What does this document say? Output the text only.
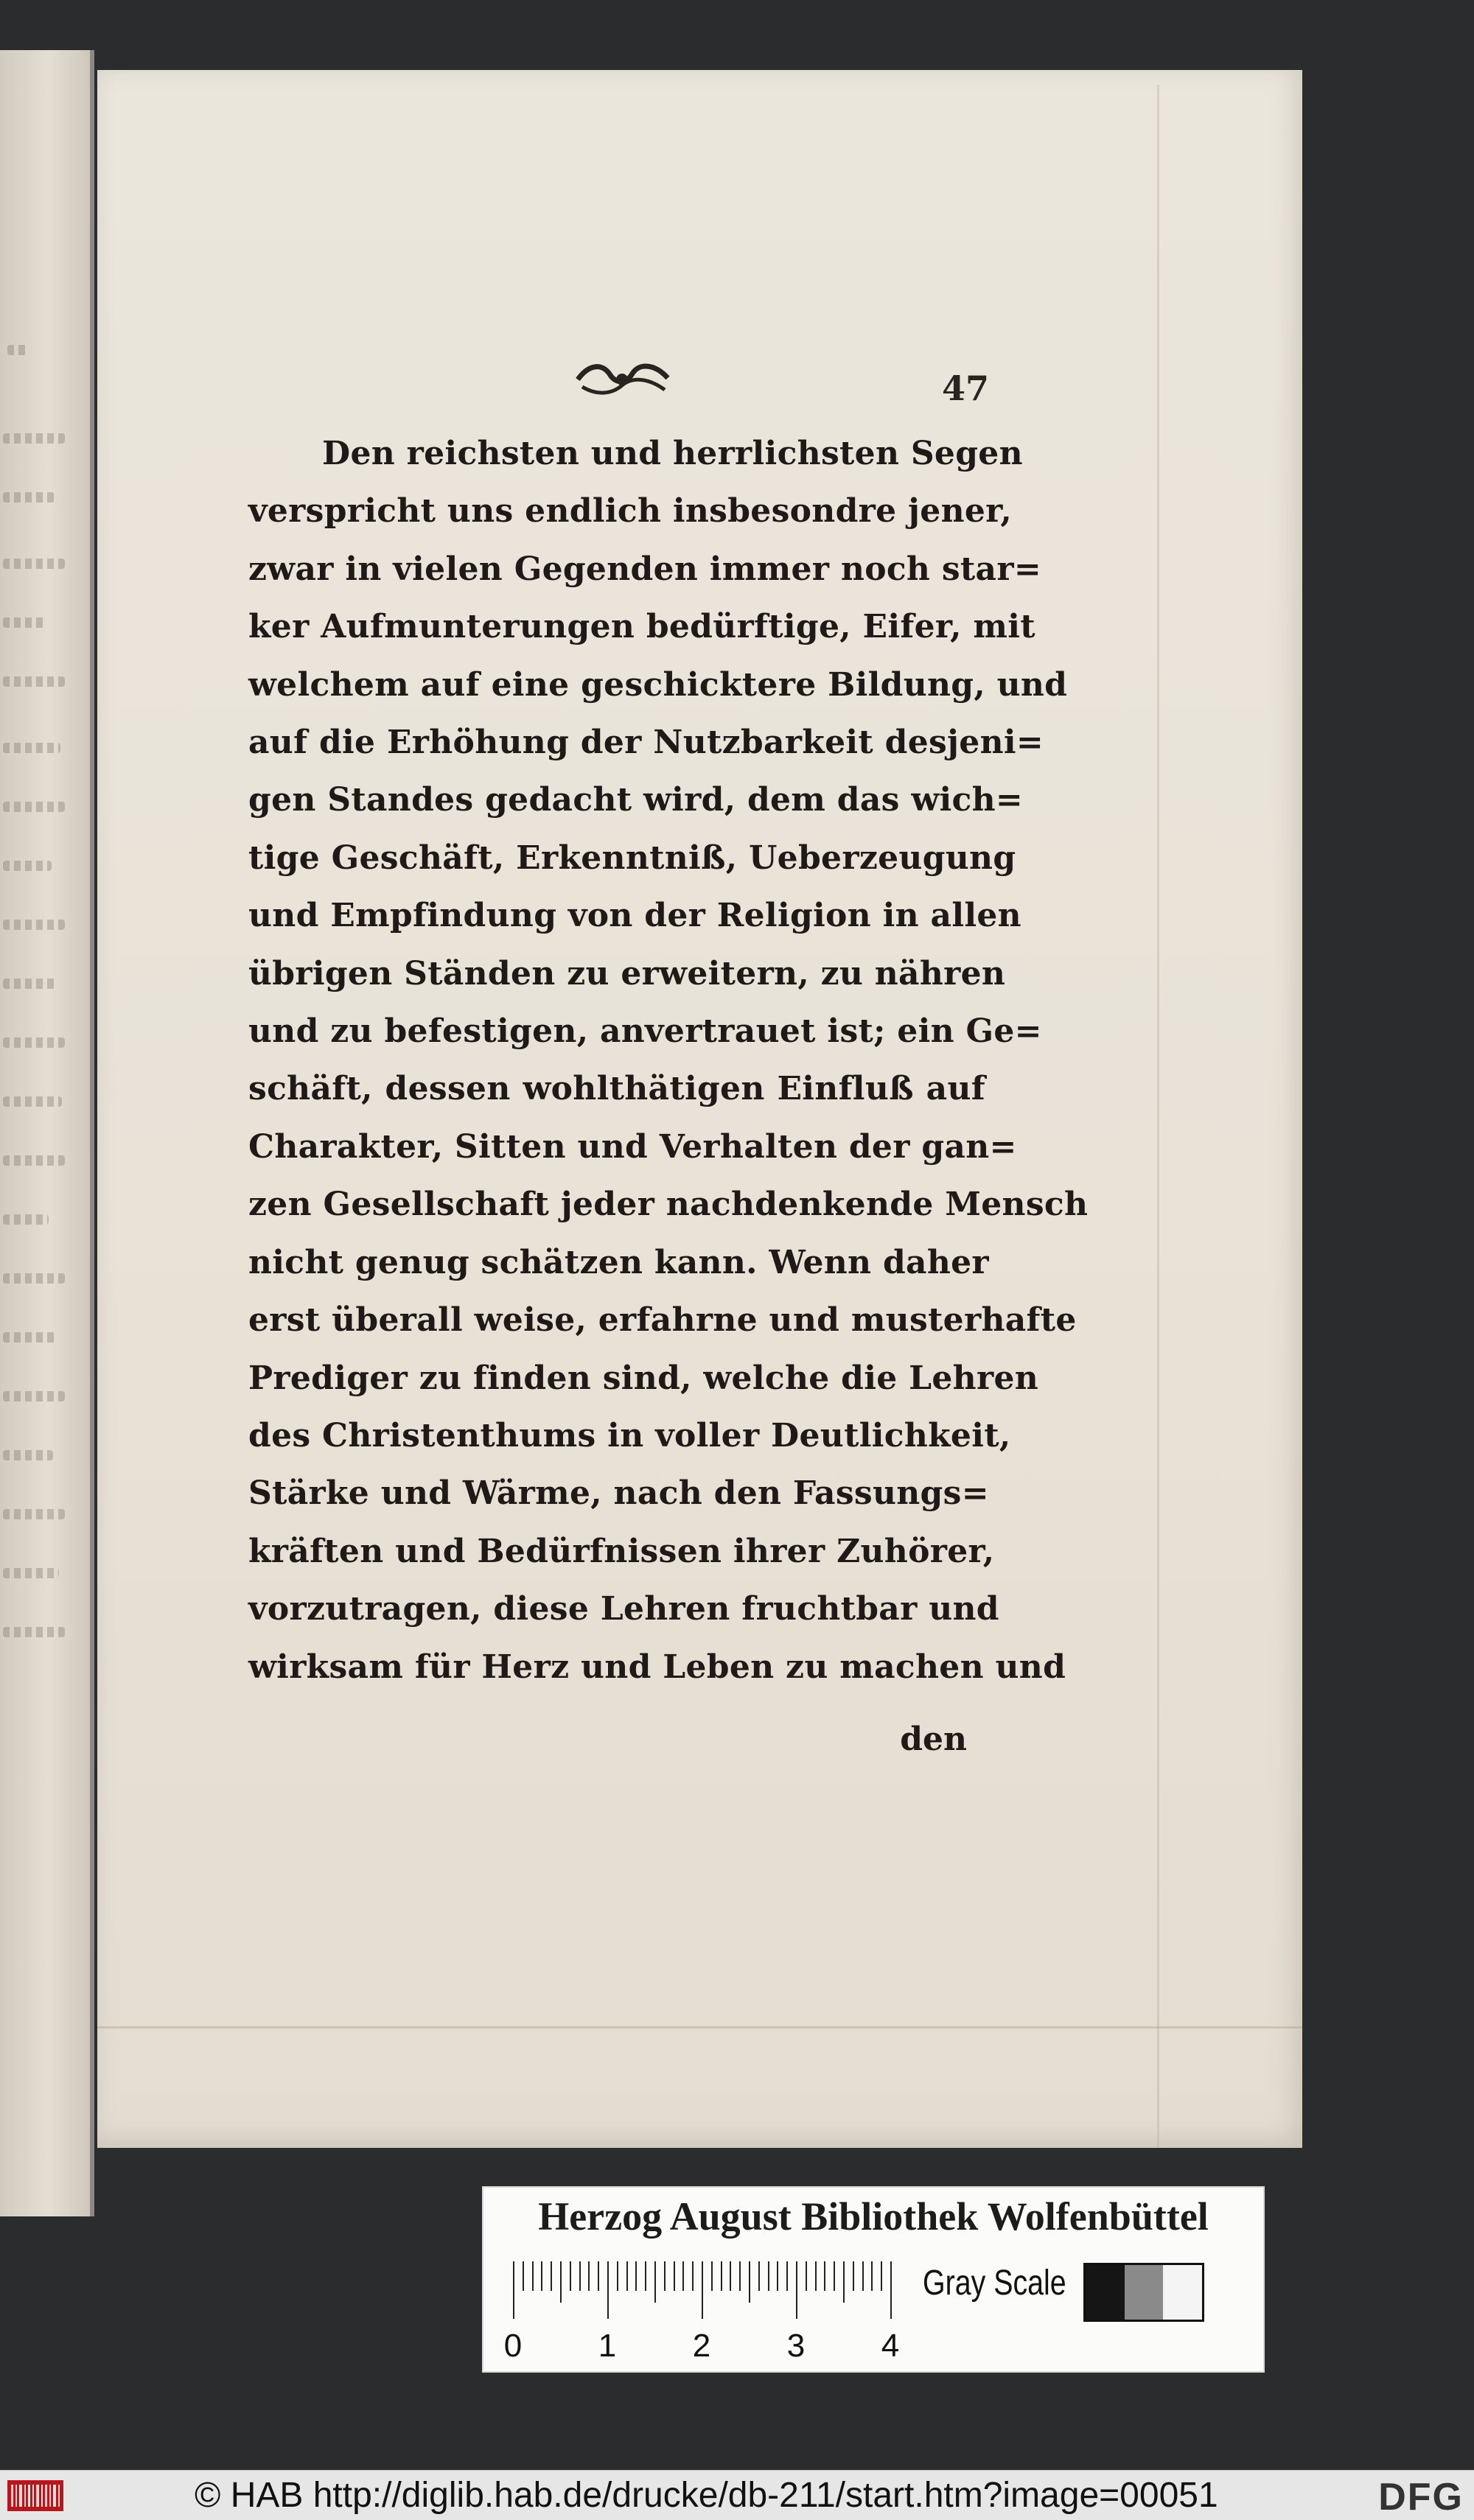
47
Den reichsten und herrlichsten Segen
verspricht uns endlich insbesondre jener,
zwar in vielen Gegenden immer noch star=
ker Aufmunterungen bedürftige, Eifer, mit
welchem auf eine geschicktere Bildung, und
auf die Erhöhung der Nutzbarkeit desjeni=
gen Standes gedacht wird, dem das wich=
tige Geschäft, Erkenntniß, Ueberzeugung
und Empfindung von der Religion in allen
übrigen Ständen zu erweitern, zu nähren
und zu befestigen, anvertrauet ist; ein Ge=
schäft, dessen wohlthätigen Einfluß auf
Charakter, Sitten und Verhalten der gan=
zen Gesellschaft jeder nachdenkende Mensch
nicht genug schätzen kann. Wenn daher
erst überall weise, erfahrne und musterhafte
Prediger zu finden sind, welche die Lehren
des Christenthums in voller Deutlichkeit,
Stärke und Wärme, nach den Fassungs=
kräften und Bedürfnissen ihrer Zuhörer,
vorzutragen, diese Lehren fruchtbar und
wirksam für Herz und Leben zu machen und
den
Herzog August Bibliothek Wolfenbüttel
0 1 2 3 4
Gray Scale
© HAB http://diglib.hab.de/drucke/db-211/start.htm?image=00051	DFG
